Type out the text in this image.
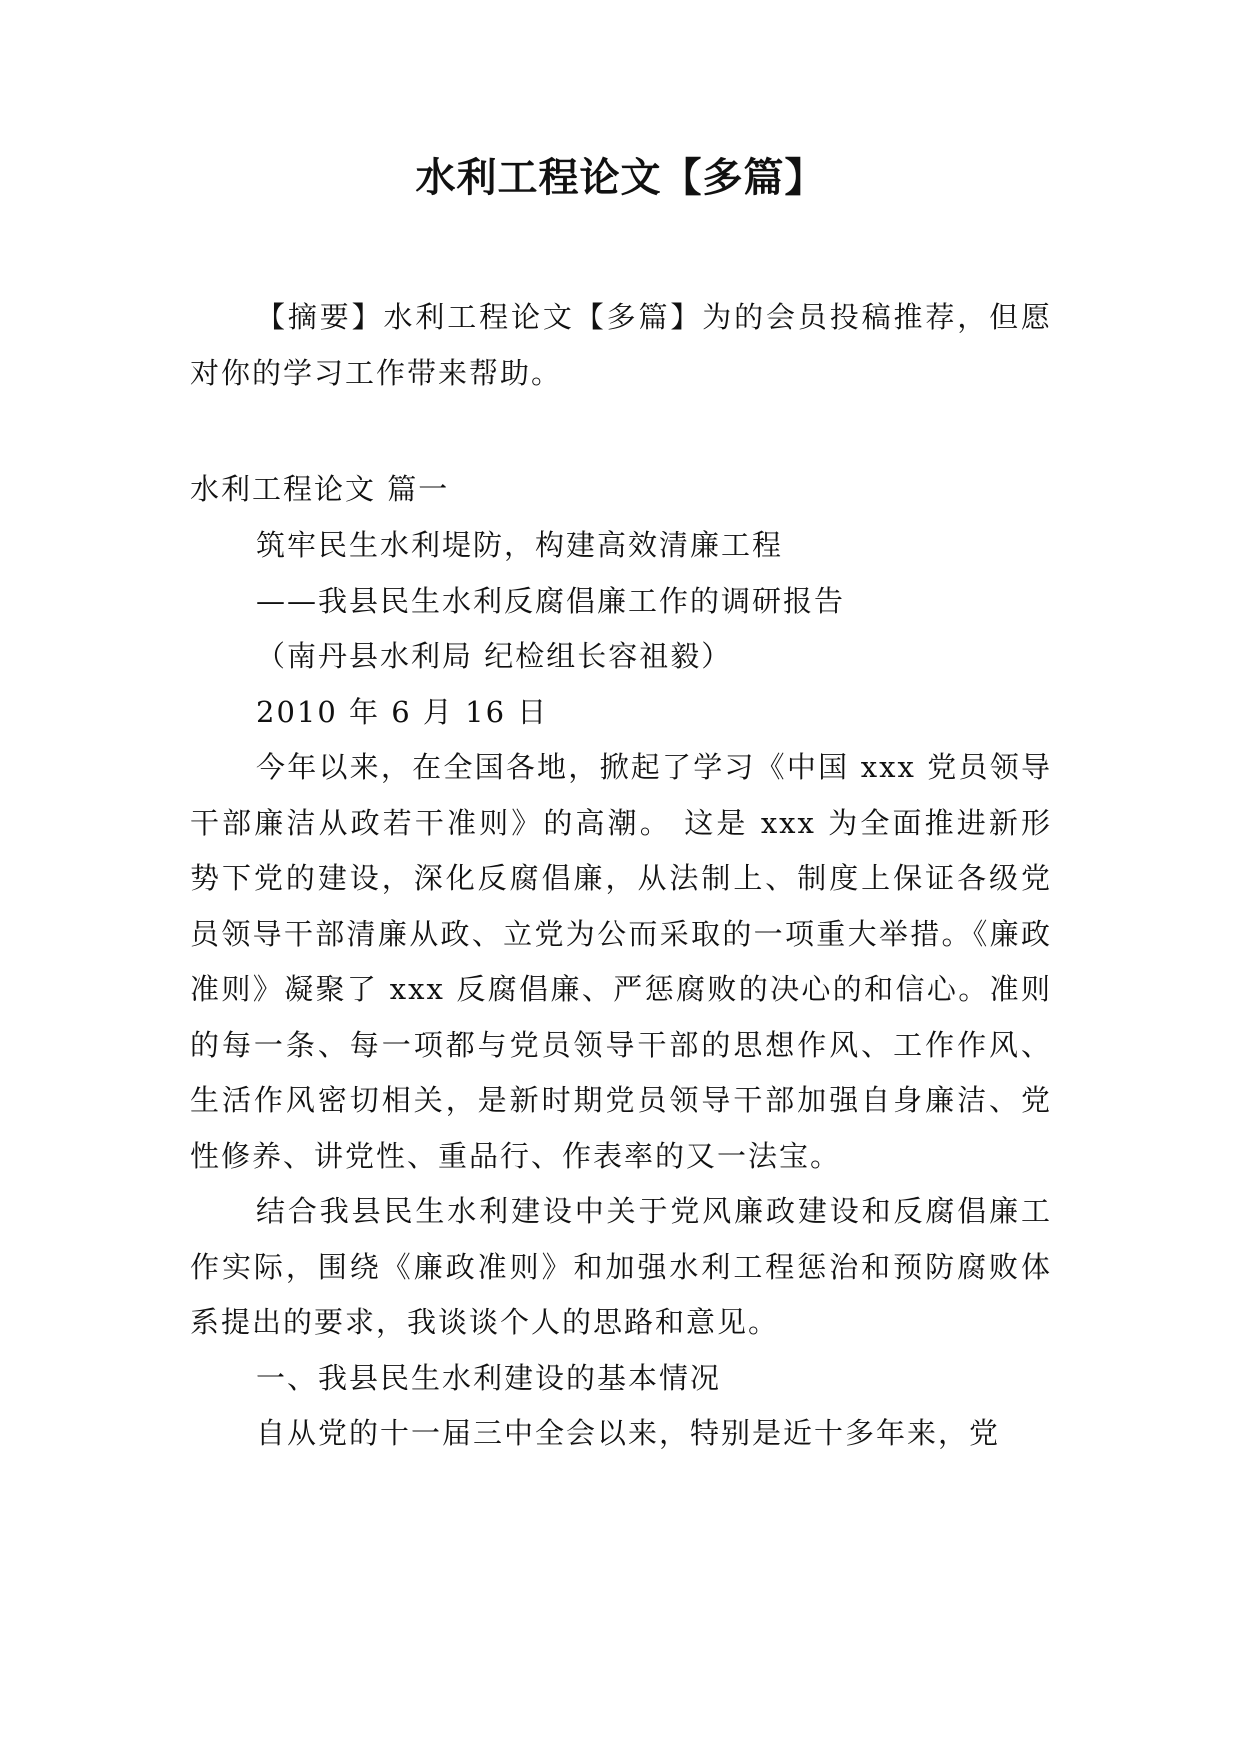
水利工程论文【多篇】

【摘要】水利工程论文【多篇】为的会员投稿推荐，但愿对你的学习工作带来帮助。

水利工程论文 篇一

筑牢民生水利堤防，构建高效清廉工程

——我县民生水利反腐倡廉工作的调研报告

（南丹县水利局 纪检组长容祖毅）

2010 年 6 月 16 日

今年以来，在全国各地，掀起了学习《中国 xxx 党员领导干部廉洁从政若干准则》的高潮。 这是 xxx 为全面推进新形势下党的建设，深化反腐倡廉，从法制上、制度上保证各级党员领导干部清廉从政、立党为公而采取的一项重大举措。《廉政准则》凝聚了 xxx 反腐倡廉、严惩腐败的决心的和信心。准则的每一条、每一项都与党员领导干部的思想作风、工作作风、生活作风密切相关，是新时期党员领导干部加强自身廉洁、党性修养、讲党性、重品行、作表率的又一法宝。

结合我县民生水利建设中关于党风廉政建设和反腐倡廉工作实际，围绕《廉政准则》和加强水利工程惩治和预防腐败体系提出的要求，我谈谈个人的思路和意见。

一、我县民生水利建设的基本情况

自从党的十一届三中全会以来，特别是近十多年来，党
